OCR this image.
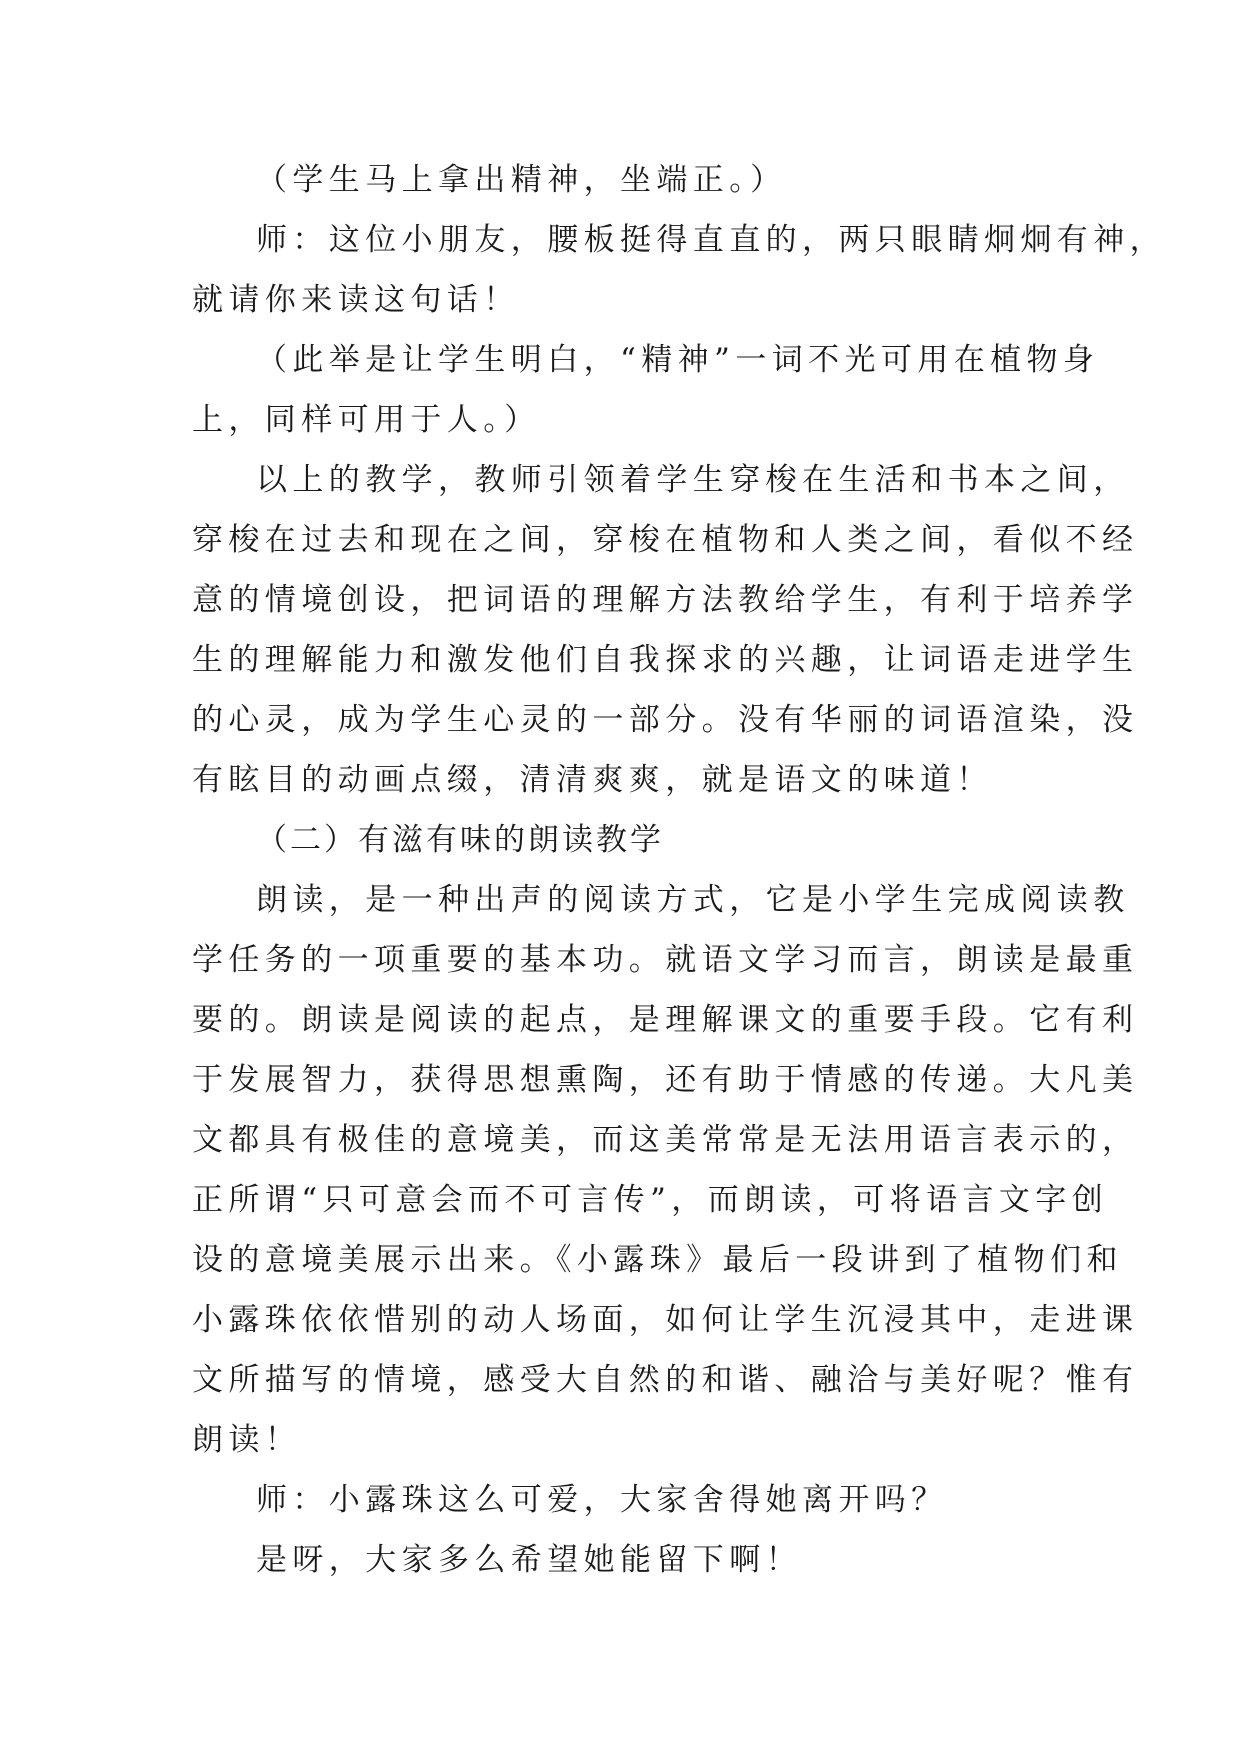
（学生马上拿出精神，坐端正。）
师：这位小朋友，腰板挺得直直的，两只眼睛炯炯有神，
就请你来读这句话！
（此举是让学生明白，“精神”一词不光可用在植物身
上，同样可用于人。）
以上的教学，教师引领着学生穿梭在生活和书本之间，
穿梭在过去和现在之间，穿梭在植物和人类之间，看似不经
意的情境创设，把词语的理解方法教给学生，有利于培养学
生的理解能力和激发他们自我探求的兴趣，让词语走进学生
的心灵，成为学生心灵的一部分。没有华丽的词语渲染，没
有眩目的动画点缀，清清爽爽，就是语文的味道！
（二）有滋有味的朗读教学
朗读，是一种出声的阅读方式，它是小学生完成阅读教
学任务的一项重要的基本功。就语文学习而言，朗读是最重
要的。朗读是阅读的起点，是理解课文的重要手段。它有利
于发展智力，获得思想熏陶，还有助于情感的传递。大凡美
文都具有极佳的意境美，而这美常常是无法用语言表示的，
正所谓“只可意会而不可言传”，而朗读，可将语言文字创
设的意境美展示出来。《小露珠》最后一段讲到了植物们和
小露珠依依惜别的动人场面，如何让学生沉浸其中，走进课
文所描写的情境，感受大自然的和谐、融洽与美好呢？惟有
朗读！
师：小露珠这么可爱，大家舍得她离开吗？
是呀，大家多么希望她能留下啊！
